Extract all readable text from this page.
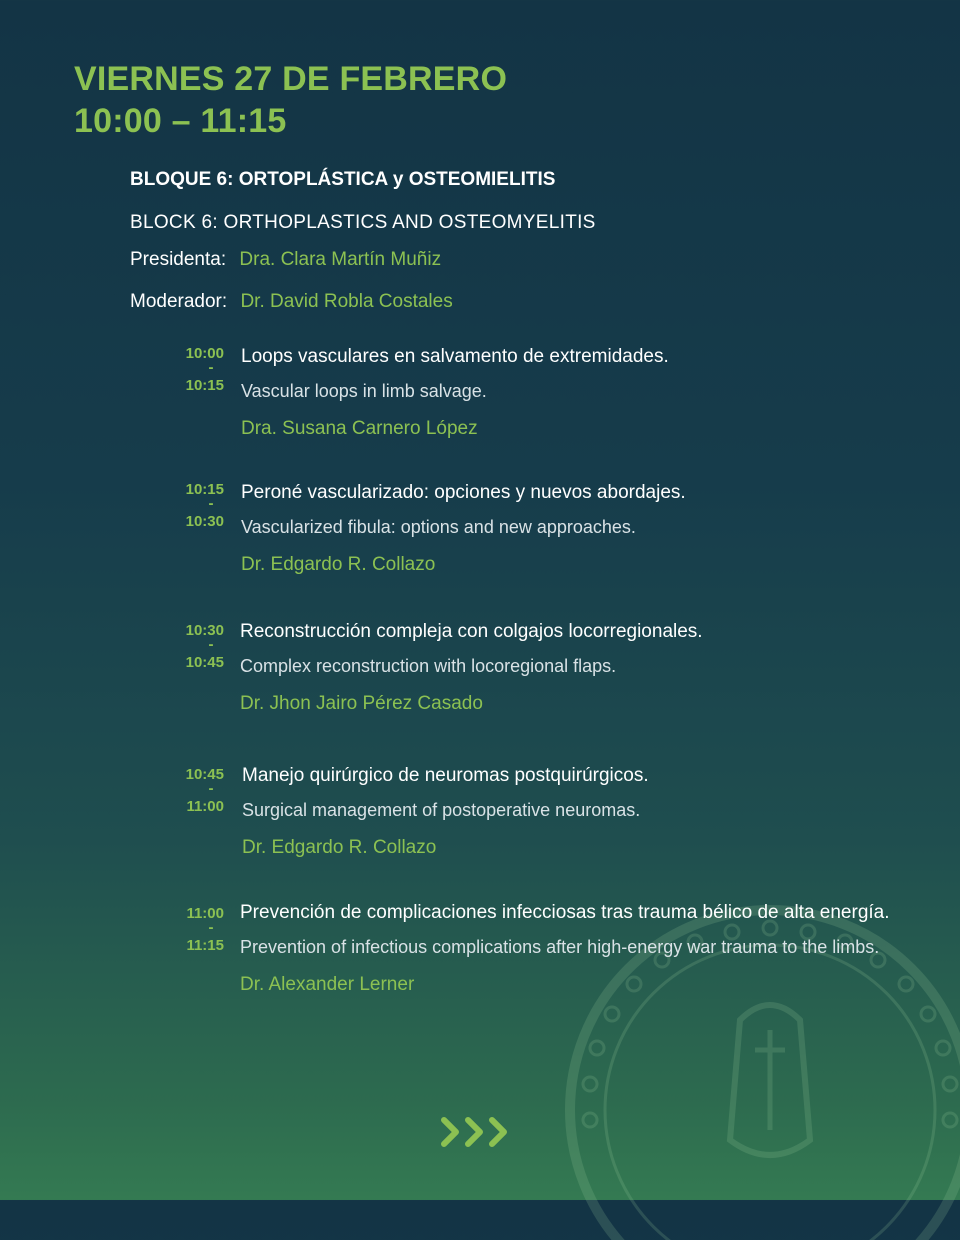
VIERNES 27 DE FEBRERO
10:00 – 11:15
BLOQUE 6: ORTOPLÁSTICA y OSTEOMIELITIS
BLOCK 6: ORTHOPLASTICS AND OSTEOMYELITIS
Presidenta: Dra. Clara Martín Muñiz
Moderador: Dr. David Robla Costales
10:00
-
10:15
Loops vasculares en salvamento de extremidades.
Vascular loops in limb salvage.
Dra. Susana Carnero López
10:15
-
10:30
Peroné vascularizado: opciones y nuevos abordajes.
Vascularized fibula: options and new approaches.
Dr. Edgardo R. Collazo
10:30
-
10:45
Reconstrucción compleja con colgajos locorregionales.
Complex reconstruction with locoregional flaps.
Dr. Jhon Jairo Pérez Casado
10:45
-
11:00
Manejo quirúrgico de neuromas postquirúrgicos.
Surgical management of postoperative neuromas.
Dr. Edgardo R. Collazo
11:00
-
11:15
Prevención de complicaciones infecciosas tras trauma bélico de alta energía.
Prevention of infectious complications after high-energy war trauma to the limbs.
Dr. Alexander Lerner
